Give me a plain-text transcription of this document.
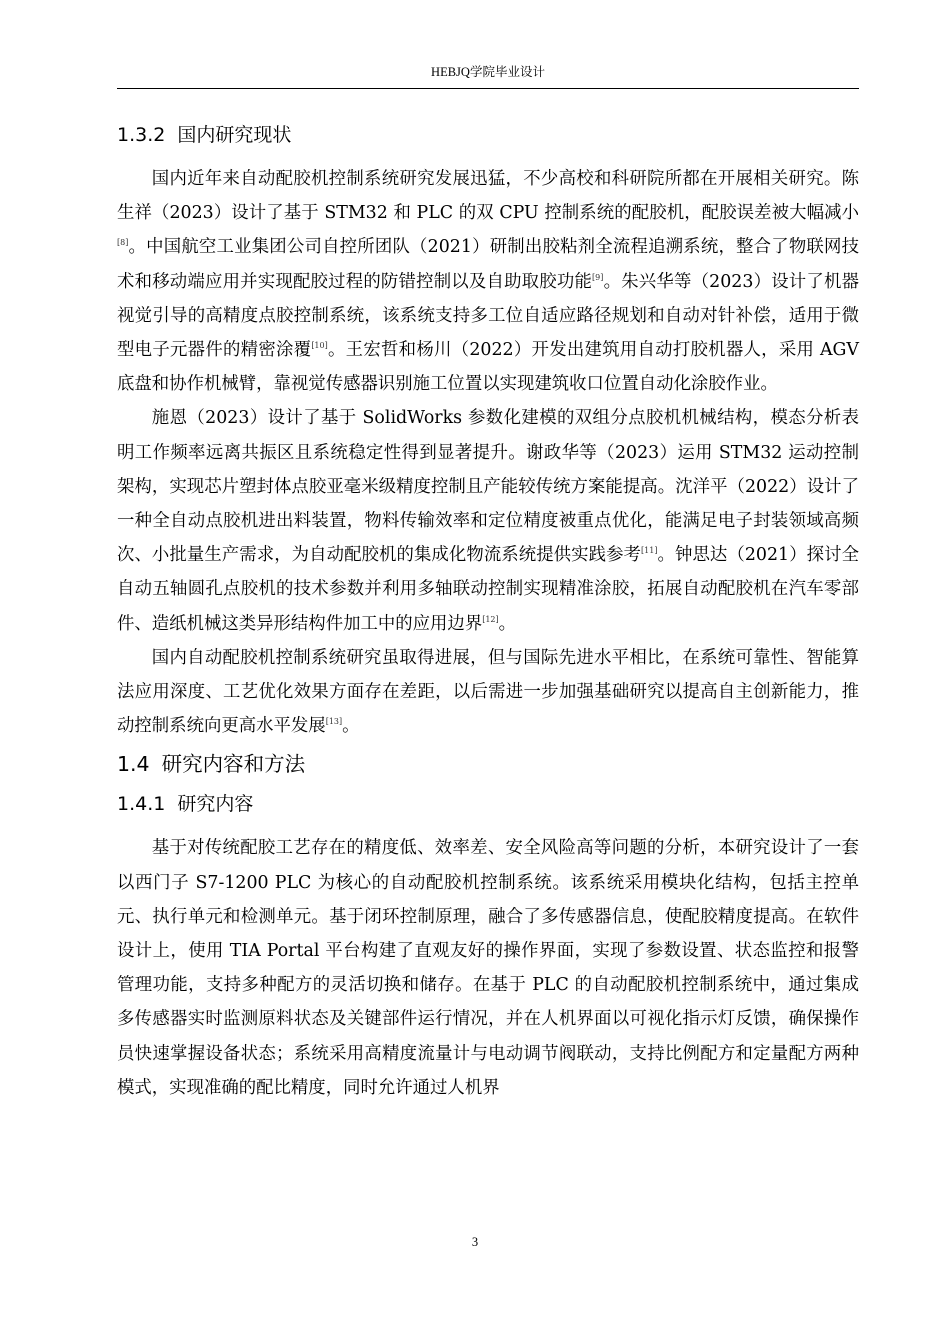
HEBJQ学院毕业设计
1.3.2 国内研究现状

国内近年来自动配胶机控制系统研究发展迅猛，不少高校和科研院所都在开展相关研究。陈生祥（2023）设计了基于 STM32 和 PLC 的双 CPU 控制系统的配胶机，配胶误差被大幅减小[8]。中国航空工业集团公司自控所团队（2021）研制出胶粘剂全流程追溯系统，整合了物联网技术和移动端应用并实现配胶过程的防错控制以及自助取胶功能[9]。朱兴华等（2023）设计了机器视觉引导的高精度点胶控制系统，该系统支持多工位自适应路径规划和自动对针补偿，适用于微型电子元器件的精密涂覆[10]。王宏哲和杨川（2022）开发出建筑用自动打胶机器人，采用 AGV 底盘和协作机械臂，靠视觉传感器识别施工位置以实现建筑收口位置自动化涂胶作业。

施恩（2023）设计了基于 SolidWorks 参数化建模的双组分点胶机机械结构，模态分析表明工作频率远离共振区且系统稳定性得到显著提升。谢政华等（2023）运用 STM32 运动控制架构，实现芯片塑封体点胶亚毫米级精度控制且产能较传统方案能提高。沈洋平（2022）设计了一种全自动点胶机进出料装置，物料传输效率和定位精度被重点优化，能满足电子封装领域高频次、小批量生产需求，为自动配胶机的集成化物流系统提供实践参考[11]。钟思达（2021）探讨全自动五轴圆孔点胶机的技术参数并利用多轴联动控制实现精准涂胶，拓展自动配胶机在汽车零部件、造纸机械这类异形结构件加工中的应用边界[12]。

国内自动配胶机控制系统研究虽取得进展，但与国际先进水平相比，在系统可靠性、智能算法应用深度、工艺优化效果方面存在差距，以后需进一步加强基础研究以提高自主创新能力，推动控制系统向更高水平发展[13]。

1.4 研究内容和方法
1.4.1 研究内容

基于对传统配胶工艺存在的精度低、效率差、安全风险高等问题的分析，本研究设计了一套以西门子 S7-1200 PLC 为核心的自动配胶机控制系统。该系统采用模块化结构，包括主控单元、执行单元和检测单元。基于闭环控制原理，融合了多传感器信息，使配胶精度提高。在软件设计上，使用 TIA Portal 平台构建了直观友好的操作界面，实现了参数设置、状态监控和报警管理功能，支持多种配方的灵活切换和储存。在基于 PLC 的自动配胶机控制系统中，通过集成多传感器实时监测原料状态及关键部件运行情况，并在人机界面以可视化指示灯反馈，确保操作员快速掌握设备状态；系统采用高精度流量计与电动调节阀联动，支持比例配方和定量配方两种模式，实现准确的配比精度，同时允许通过人机界

3
